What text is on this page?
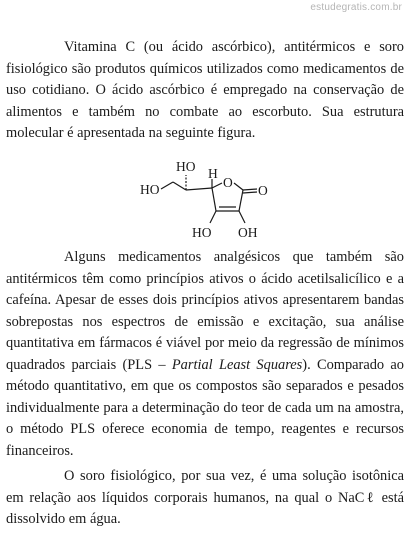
estudegratis.com.br

Vitamina C (ou ácido ascórbico), antitérmicos e soro fisiológico são produtos químicos utilizados como medicamentos de uso cotidiano. O ácido ascórbico é empregado na conservação de alimentos e também no combate ao escorbuto. Sua estrutura molecular é apresentada na seguinte figura.

HO H
HO	O
O
HO OH

Alguns medicamentos analgésicos que também são antitérmicos têm como princípios ativos o ácido acetilsalicílico e a cafeína. Apesar de esses dois princípios ativos apresentarem bandas sobrepostas nos espectros de emissão e excitação, sua análise quantitativa em fármacos é viável por meio da regressão de mínimos quadrados parciais (PLS – Partial Least Squares). Comparado ao método quantitativo, em que os compostos são separados e pesados individualmente para a determinação do teor de cada um na amostra, o método PLS oferece economia de tempo, reagentes e recursos financeiros.

O soro fisiológico, por sua vez, é uma solução isotônica em relação aos líquidos corporais humanos, na qual o NaCℓ está dissolvido em água.
